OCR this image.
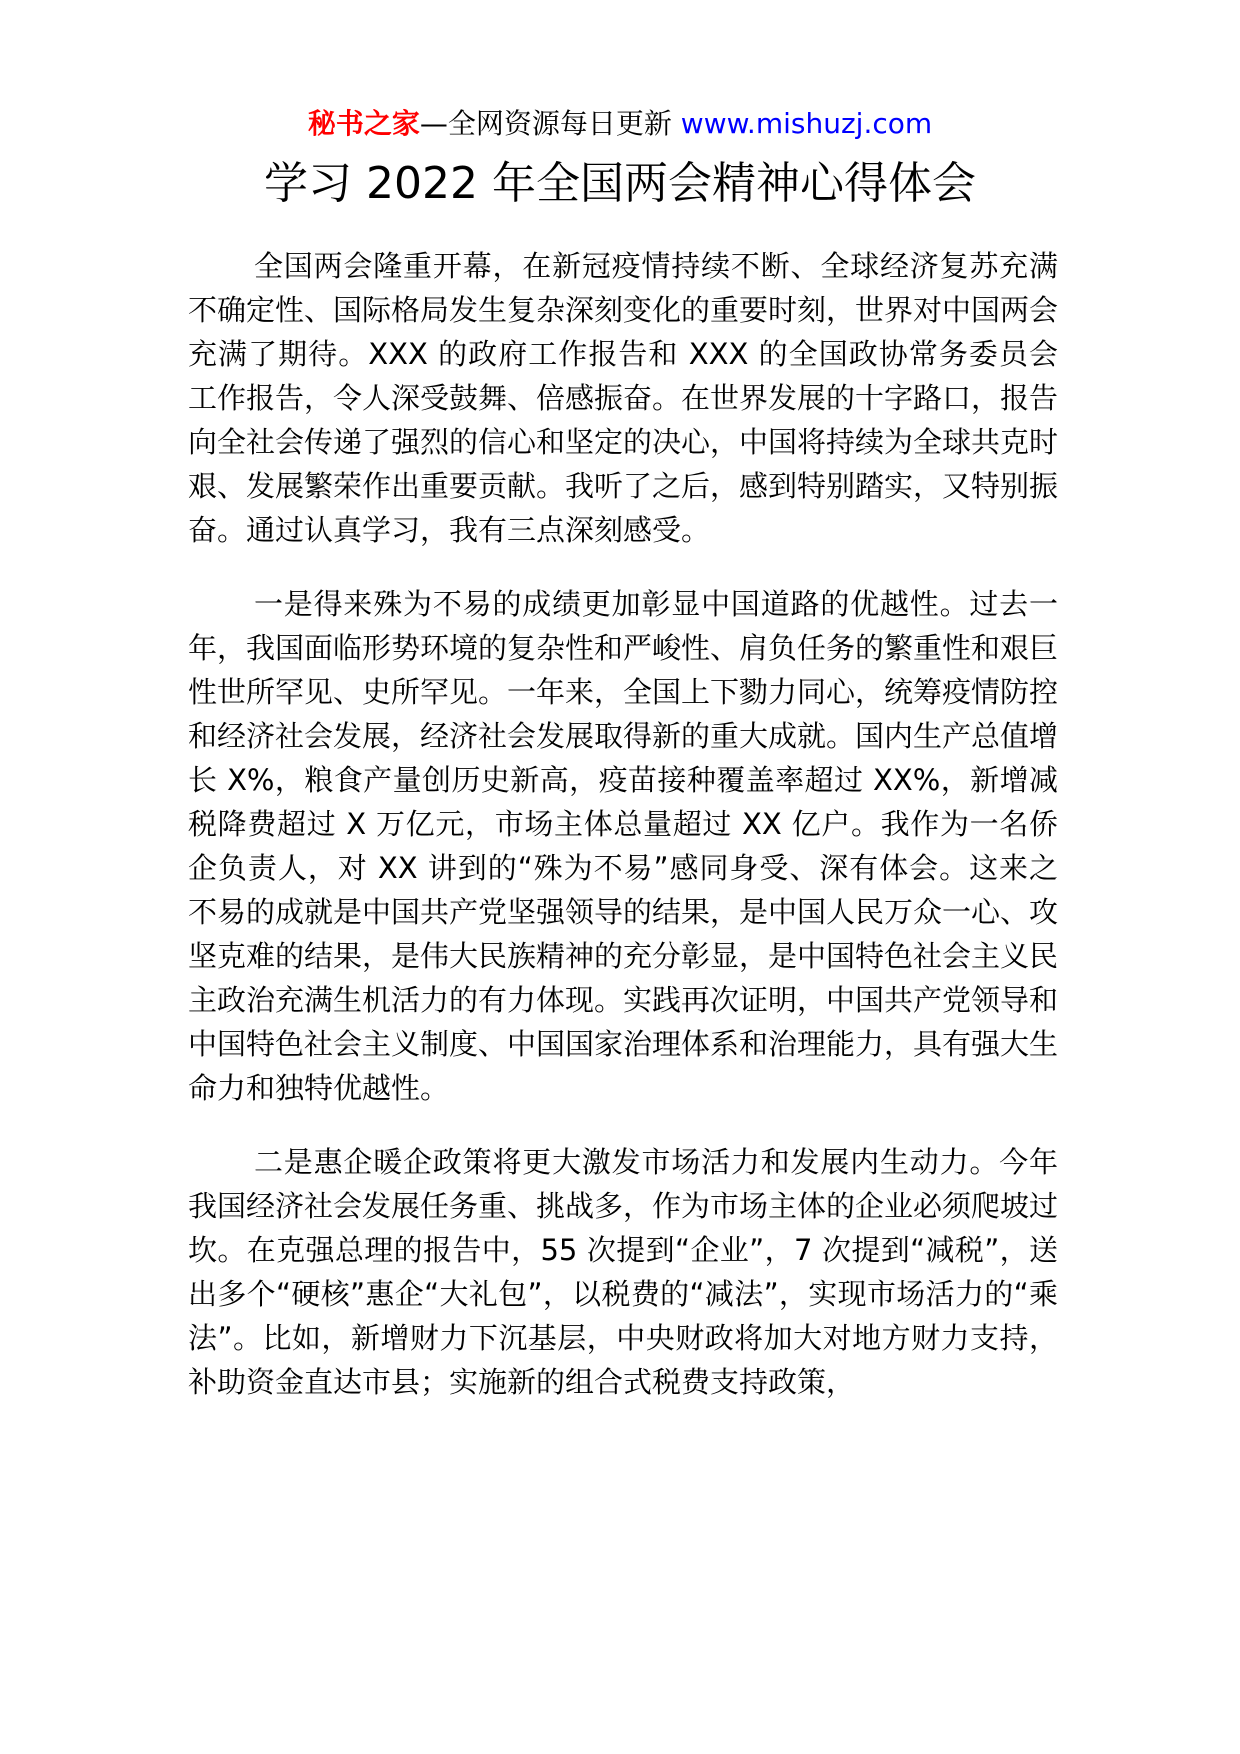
秘书之家—全网资源每日更新 www.mishuzj.com
学习 2022 年全国两会精神心得体会

全国两会隆重开幕，在新冠疫情持续不断、全球经济复苏充满不确定性、国际格局发生复杂深刻变化的重要时刻，世界对中国两会充满了期待。XXX 的政府工作报告和 XXX 的全国政协常务委员会工作报告，令人深受鼓舞、倍感振奋。在世界发展的十字路口，报告向全社会传递了强烈的信心和坚定的决心，中国将持续为全球共克时艰、发展繁荣作出重要贡献。我听了之后，感到特别踏实，又特别振奋。通过认真学习，我有三点深刻感受。

一是得来殊为不易的成绩更加彰显中国道路的优越性。过去一年，我国面临形势环境的复杂性和严峻性、肩负任务的繁重性和艰巨性世所罕见、史所罕见。一年来，全国上下勠力同心，统筹疫情防控和经济社会发展，经济社会发展取得新的重大成就。国内生产总值增长 X%，粮食产量创历史新高，疫苗接种覆盖率超过 XX%，新增减税降费超过 X 万亿元，市场主体总量超过 XX 亿户。我作为一名侨企负责人，对 XX 讲到的“殊为不易”感同身受、深有体会。这来之不易的成就是中国共产党坚强领导的结果，是中国人民万众一心、攻坚克难的结果，是伟大民族精神的充分彰显，是中国特色社会主义民主政治充满生机活力的有力体现。实践再次证明，中国共产党领导和中国特色社会主义制度、中国国家治理体系和治理能力，具有强大生命力和独特优越性。

二是惠企暖企政策将更大激发市场活力和发展内生动力。今年我国经济社会发展任务重、挑战多，作为市场主体的企业必须爬坡过坎。在克强总理的报告中，55 次提到“企业”，7 次提到“减税”，送出多个“硬核”惠企“大礼包”，以税费的“减法”，实现市场活力的“乘法”。比如，新增财力下沉基层，中央财政将加大对地方财力支持，补助资金直达市县；实施新的组合式税费支持政策，
